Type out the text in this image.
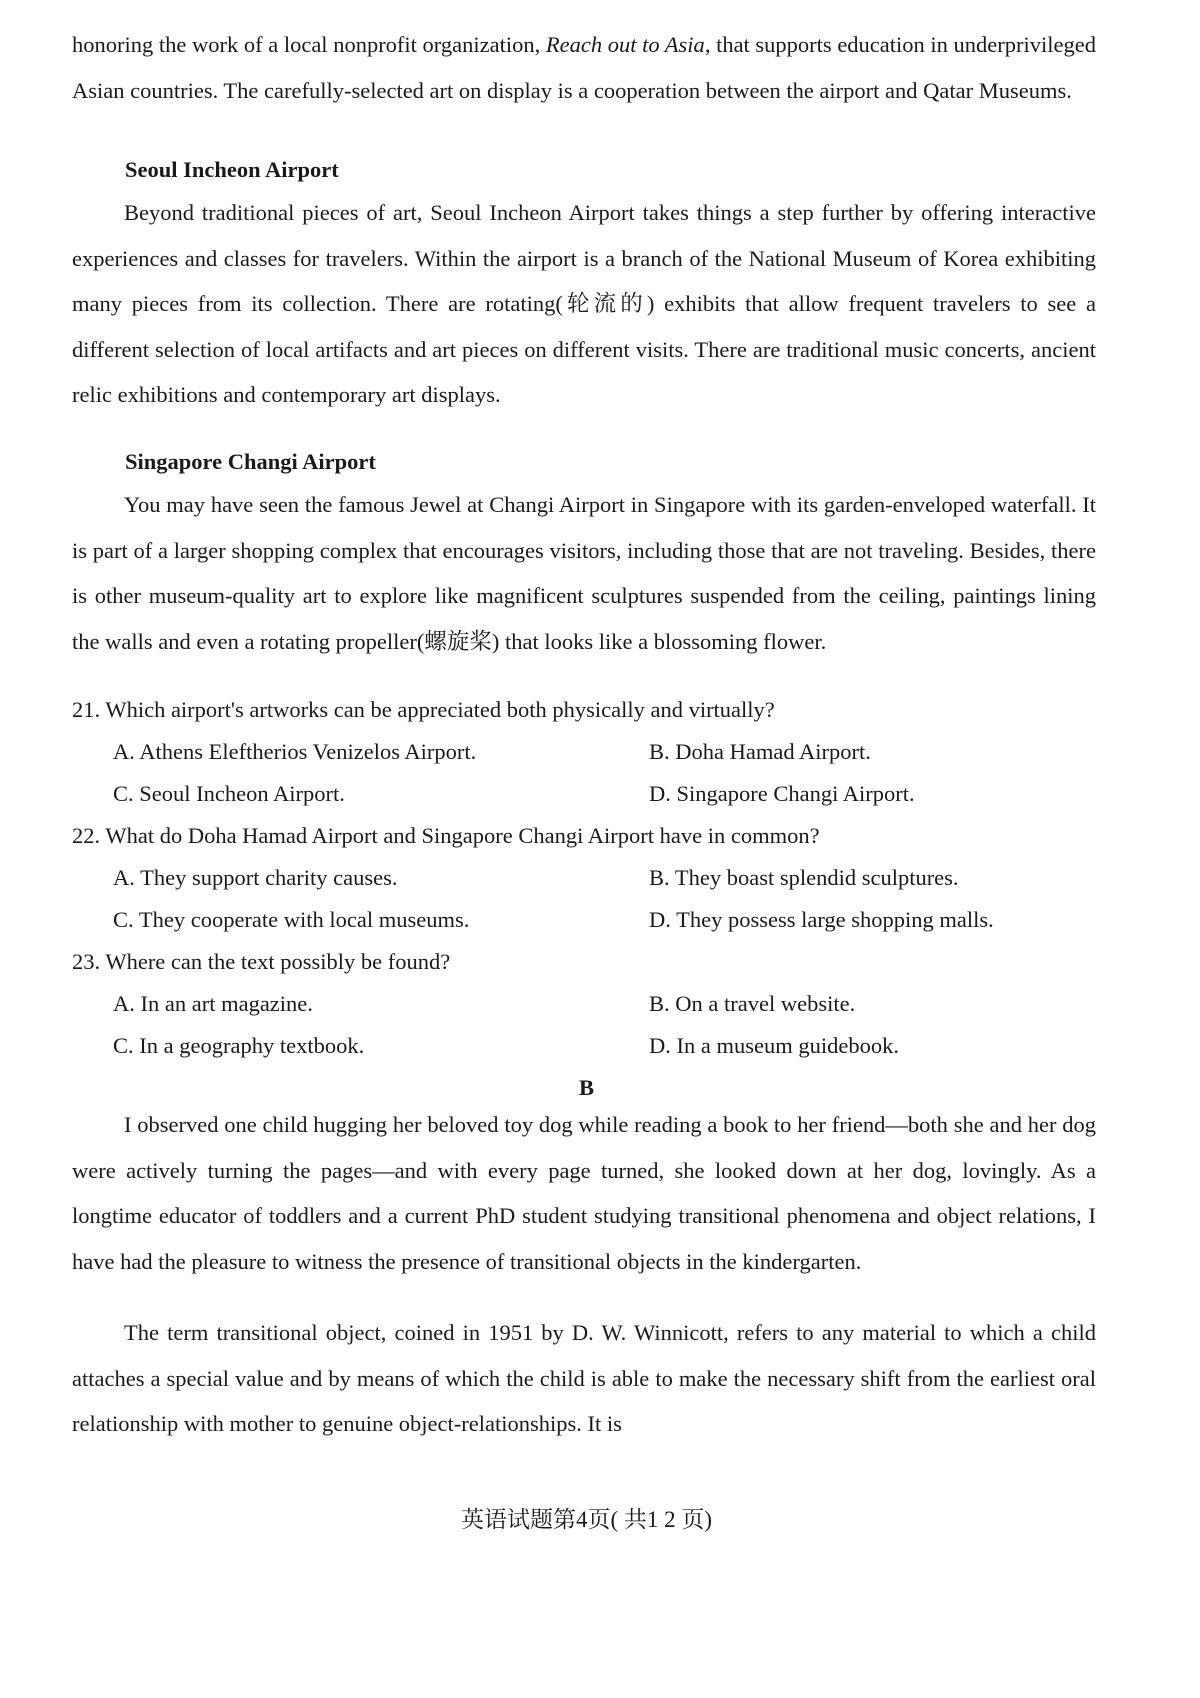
honoring the work of a local nonprofit organization, Reach out to Asia, that supports education in underprivileged Asian countries. The carefully-selected art on display is a cooperation between the airport and Qatar Museums.

Seoul Incheon Airport

Beyond traditional pieces of art, Seoul Incheon Airport takes things a step further by offering interactive experiences and classes for travelers. Within the airport is a branch of the National Museum of Korea exhibiting many pieces from its collection. There are rotating(轮流的) exhibits that allow frequent travelers to see a different selection of local artifacts and art pieces on different visits. There are traditional music concerts, ancient relic exhibitions and contemporary art displays.

Singapore Changi Airport

You may have seen the famous Jewel at Changi Airport in Singapore with its garden-enveloped waterfall. It is part of a larger shopping complex that encourages visitors, including those that are not traveling. Besides, there is other museum-quality art to explore like magnificent sculptures suspended from the ceiling, paintings lining the walls and even a rotating propeller(螺旋桨) that looks like a blossoming flower.

21. Which airport's artworks can be appreciated both physically and virtually?

A. Athens Eleftherios Venizelos Airport.	B. Doha Hamad Airport.

C. Seoul Incheon Airport.	D. Singapore Changi Airport.

22. What do Doha Hamad Airport and Singapore Changi Airport have in common?

A. They support charity causes.	B. They boast splendid sculptures.

C. They cooperate with local museums.	D. They possess large shopping malls.

23. Where can the text possibly be found?

A. In an art magazine.	B. On a travel website.

C. In a geography textbook.	D. In a museum guidebook.

B

I observed one child hugging her beloved toy dog while reading a book to her friend—both she and her dog were actively turning the pages—and with every page turned, she looked down at her dog, lovingly. As a longtime educator of toddlers and a current PhD student studying transitional phenomena and object relations, I have had the pleasure to witness the presence of transitional objects in the kindergarten.

The term transitional object, coined in 1951 by D. W. Winnicott, refers to any material to which a child attaches a special value and by means of which the child is able to make the necessary shift from the earliest oral relationship with mother to genuine object-relationships. It is

英语试题第4页( 共1 2 页)
